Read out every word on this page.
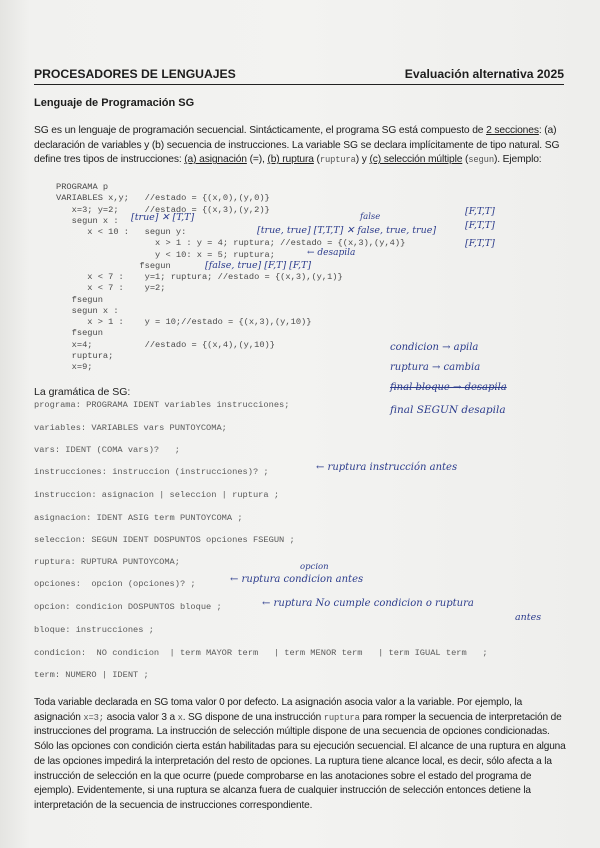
PROCESADORES DE LENGUAJES	Evaluación alternativa 2025
Lenguaje de Programación SG
SG es un lenguaje de programación secuencial. Sintácticamente, el programa SG está compuesto de 2 secciones: (a) declaración de variables y (b) secuencia de instrucciones. La variable SG se declara implícitamente de tipo natural. SG define tres tipos de instrucciones: (a) asignación (=), (b) ruptura (ruptura) y (c) selección múltiple (segun). Ejemplo:
PROGRAMA p
VARIABLES x,y;   //estado = {(x,0),(y,0)}
x=3; y=2;     //estado = {(x,3),(y,2)}
segun x :
x < 10 :   segun y:
x > 1 : y = 4; ruptura; //estado = {(x,3),(y,4)}
y < 10: x = 5; ruptura;
fsegun
x < 7 :    y=1; ruptura; //estado = {(x,3),(y,1)}
x < 7 :    y=2;
fsegun
segun x :
x > 1 :    y = 10;//estado = {(x,3),(y,10)}
fsegun
x=4;          //estado = {(x,4),(y,10)}
ruptura;
x=9;
La gramática de SG:
programa: PROGRAMA IDENT variables instrucciones;
variables: VARIABLES vars PUNTOYCOMA;
vars: IDENT (COMA vars)?   ;
instrucciones: instruccion (instrucciones)? ;
instruccion: asignacion | seleccion | ruptura ;
asignacion: IDENT ASIG term PUNTOYCOMA ;
seleccion: SEGUN IDENT DOSPUNTOS opciones FSEGUN ;
ruptura: RUPTURA PUNTOYCOMA;
opciones:  opcion (opciones)? ;
opcion: condicion DOSPUNTOS bloque ;
bloque: instrucciones ;
condicion:  NO condicion  | term MAYOR term   | term MENOR term   | term IGUAL term   ;
term: NUMERO | IDENT ;
Toda variable declarada en SG toma valor 0 por defecto. La asignación asocia valor a la variable. Por ejemplo, la asignación x=3; asocia valor 3 a x. SG dispone de una instrucción ruptura para romper la secuencia de interpretación de instrucciones del programa. La instrucción de selección múltiple dispone de una secuencia de opciones condicionadas. Sólo las opciones con condición cierta están habilitadas para su ejecución secuencial. El alcance de una ruptura en alguna de las opciones impedirá la interpretación del resto de opciones. La ruptura tiene alcance local, es decir, sólo afecta a la instrucción de selección en la que ocurre (puede comprobarse en las anotaciones sobre el estado del programa de ejemplo). Evidentemente, si una ruptura se alcanza fuera de cualquier instrucción de selección entonces detiene la interpretación de la secuencia de instrucciones correspondiente.
[true] ✕ [T,T]
[true, true] [T,T,T] ✕ false, true, true]
false
← desapila
[false, true] [F,T] [F,T]
[F,T,T]
[F,T,T]
[F,T,T]
condicion → apila
ruptura → cambia
final bloque → desapila
final SEGUN desapila
← ruptura instrucción antes
← ruptura condicion antes
opcion
← ruptura No cumple condicion o ruptura
antes
